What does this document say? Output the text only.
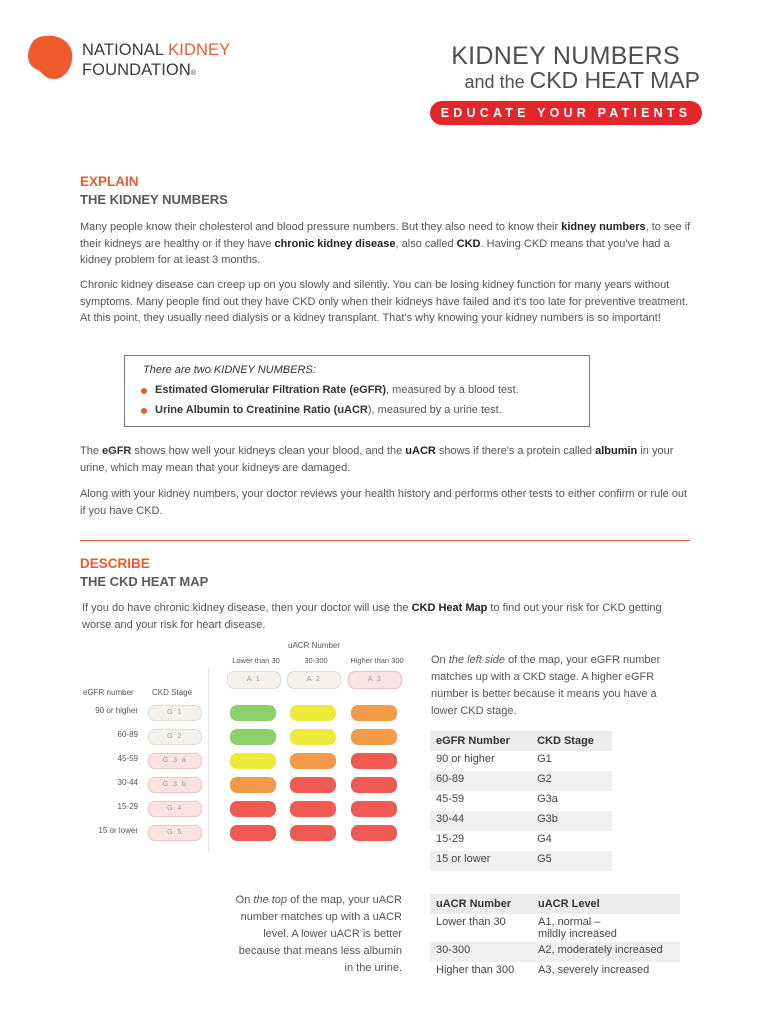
NATIONAL KIDNEY
FOUNDATION®
KIDNEY NUMBERS
and the CKD HEAT MAP
EDUCATE YOUR PATIENTS
EXPLAIN
THE KIDNEY NUMBERS
Many people know their cholesterol and blood pressure numbers. But they also need to know their kidney numbers, to see if their kidneys are healthy or if they have chronic kidney disease, also called CKD. Having CKD means that you've had a kidney problem for at least 3 months.
Chronic kidney disease can creep up on you slowly and silently. You can be losing kidney function for many years without symptoms. Many people find out they have CKD only when their kidneys have failed and it's too late for preventive treatment. At this point, they usually need dialysis or a kidney transplant. That's why knowing your kidney numbers is so important!
There are two KIDNEY NUMBERS:
Estimated Glomerular Filtration Rate (eGFR), measured by a blood test.
Urine Albumin to Creatinine Ratio (uACR), measured by a urine test.
The eGFR shows how well your kidneys clean your blood, and the uACR shows if there's a protein called albumin in your urine, which may mean that your kidneys are damaged.
Along with your kidney numbers, your doctor reviews your health history and performs other tests to either confirm or rule out if you have CKD.
DESCRIBE
THE CKD HEAT MAP
If you do have chronic kidney disease, then your doctor will use the CKD Heat Map to find out your risk for CKD getting worse and your risk for heart disease.
uACR Number
eGFR number CKD Stage
Lower than 30
A 1
30-300
A 2
Higher than 300
A 3
90 or higher	G 1
60-89	G 2
45-59	G 3 a
30-44	G 3 b
15-29	G 4
15 or lower	G 5
On the left side of the map, your eGFR number matches up with a CKD stage. A higher eGFR number is better because it means you have a lower CKD stage.
eGFR Number	CKD Stage
90 or higher	G1
60-89	G2
45-59	G3a
30-44	G3b
15-29	G4
15 or lower	G5
On the top of the map, your uACR number matches up with a uACR level. A lower uACR is better because that means less albumin in the urine.
uACR Number	uACR Level
Lower than 30	A1, normal –
mildly increased
30-300	A2, moderately increased
Higher than 300	A3, severely increased
